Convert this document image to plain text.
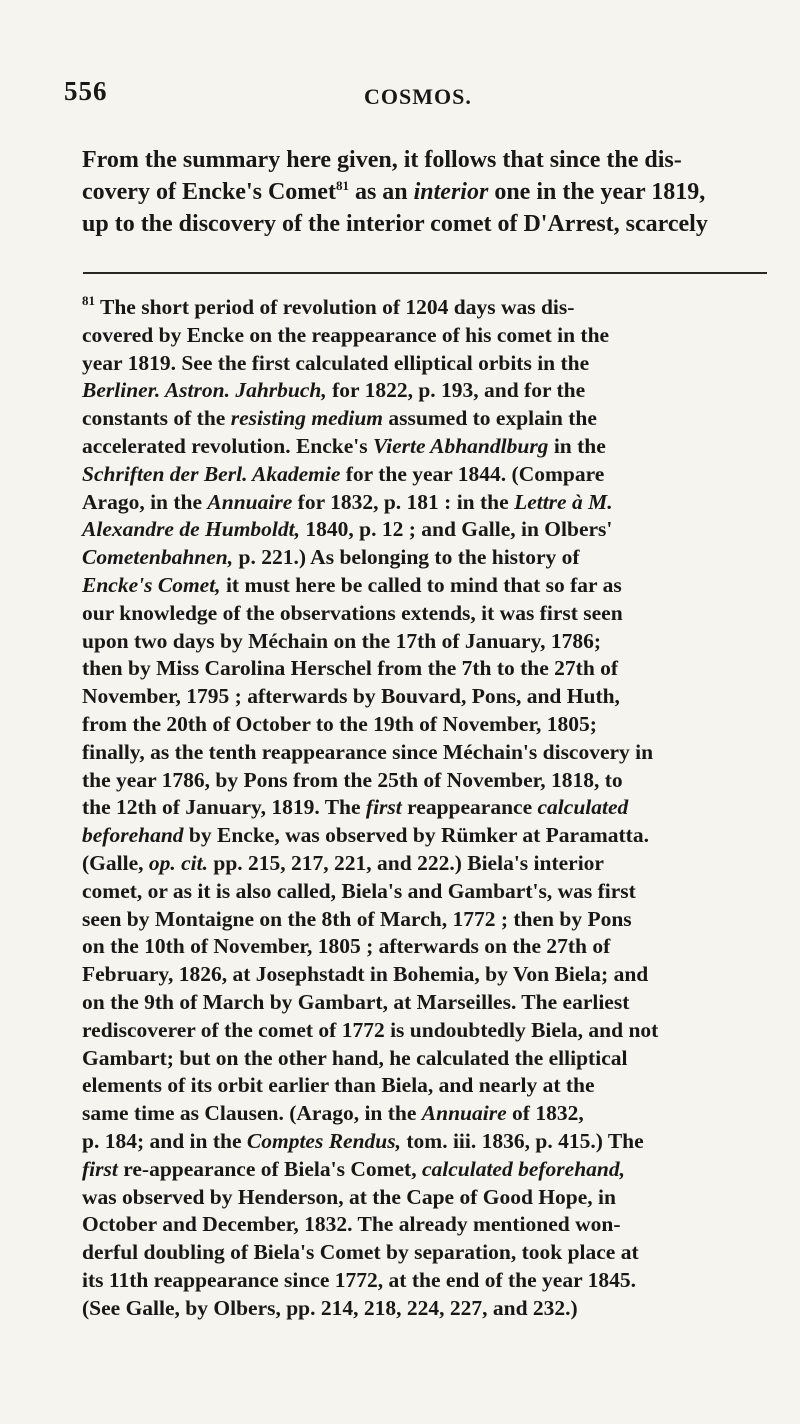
556	COSMOS.
From the summary here given, it follows that since the dis-
covery of Encke's Comet$^{81}$ as an interior one in the year 1819,
up to the discovery of the interior comet of D'Arrest, scarcely
$^{81}$ The short period of revolution of 1204 days was dis-
covered by Encke on the reappearance of his comet in the
year 1819. See the first calculated elliptical orbits in the
Berliner. Astron. Jahrbuch, for 1822, p. 193, and for the
constants of the resisting medium assumed to explain the
accelerated revolution. Encke's Vierte Abhandlburg in the
Schriften der Berl. Akademie for the year 1844. (Compare
Arago, in the Annuaire for 1832, p. 181 : in the Lettre à M.
Alexandre de Humboldt, 1840, p. 12 ; and Galle, in Olbers'
Cometenbahnen, p. 221.) As belonging to the history of
Encke's Comet, it must here be called to mind that so far as
our knowledge of the observations extends, it was first seen
upon two days by Méchain on the 17th of January, 1786;
then by Miss Carolina Herschel from the 7th to the 27th of
November, 1795 ; afterwards by Bouvard, Pons, and Huth,
from the 20th of October to the 19th of November, 1805;
finally, as the tenth reappearance since Méchain's discovery in
the year 1786, by Pons from the 25th of November, 1818, to
the 12th of January, 1819. The first reappearance calculated
beforehand by Encke, was observed by Rümker at Paramatta.
(Galle, op. cit. pp. 215, 217, 221, and 222.) Biela's interior
comet, or as it is also called, Biela's and Gambart's, was first
seen by Montaigne on the 8th of March, 1772 ; then by Pons
on the 10th of November, 1805 ; afterwards on the 27th of
February, 1826, at Josephstadt in Bohemia, by Von Biela; and
on the 9th of March by Gambart, at Marseilles. The earliest
rediscoverer of the comet of 1772 is undoubtedly Biela, and not
Gambart; but on the other hand, he calculated the elliptical
elements of its orbit earlier than Biela, and nearly at the
same time as Clausen. (Arago, in the Annuaire of 1832,
p. 184; and in the Comptes Rendus, tom. iii. 1836, p. 415.) The
first re-appearance of Biela's Comet, calculated beforehand,
was observed by Henderson, at the Cape of Good Hope, in
October and December, 1832. The already mentioned won-
derful doubling of Biela's Comet by separation, took place at
its 11th reappearance since 1772, at the end of the year 1845.
(See Galle, by Olbers, pp. 214, 218, 224, 227, and 232.)
